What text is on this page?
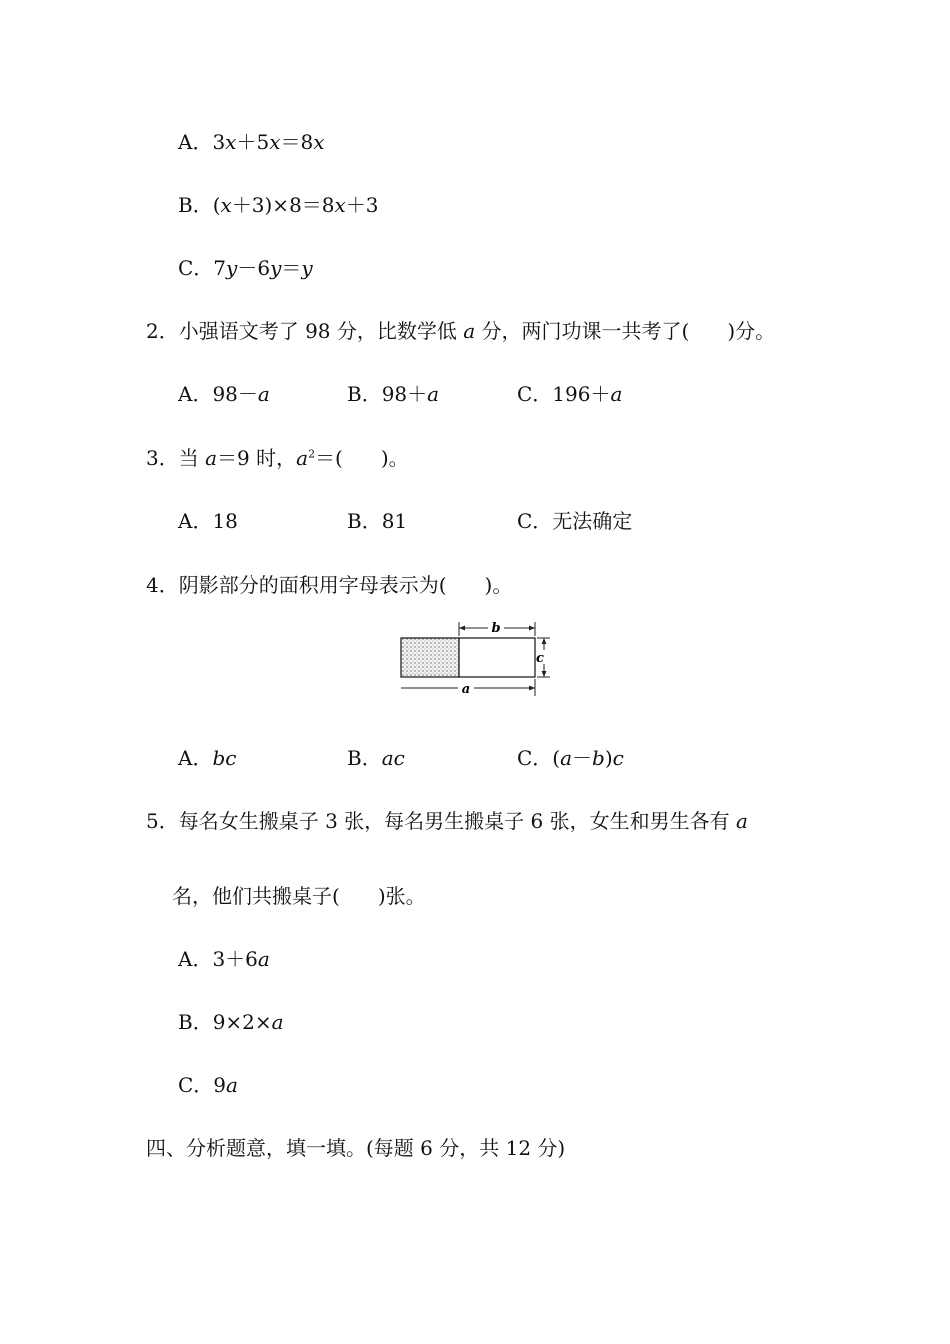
A．3x＋5x＝8x
B．(x＋3)×8＝8x＋3
C．7y－6y＝y
2．小强语文考了 98 分，比数学低 a 分，两门功课一共考了( )分。
A．98－a	B．98＋a	C．196＋a
3．当 a＝9 时，$a^2=$( )。
A．18	B．81	C．无法确定
4．阴影部分的面积用字母表示为( )。
b
c
a
A．bc	B．ac	C．(a－b)c
5．每名女生搬桌子 3 张，每名男生搬桌子 6 张，女生和男生各有 a
名，他们共搬桌子( )张。
A．3＋6a
B．9×2×a
C．9a
四、分析题意，填一填。(每题 6 分，共 12 分)
